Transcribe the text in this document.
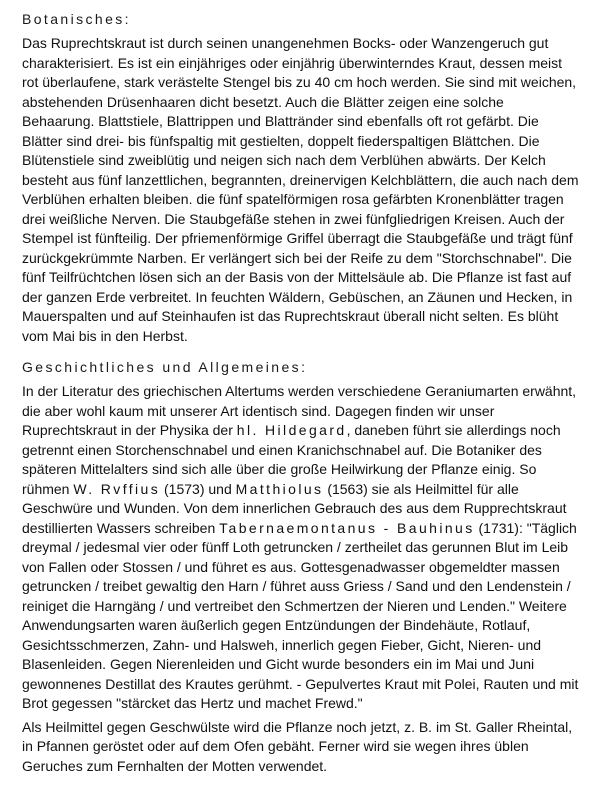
Botanisches:

Das Ruprechtskraut ist durch seinen unangenehmen Bocks- oder Wanzengeruch gut charakterisiert. Es ist ein einjähriges oder einjährig überwinterndes Kraut, dessen meist rot überlaufene, stark verästelte Stengel bis zu 40 cm hoch werden. Sie sind mit weichen, abstehenden Drüsenhaaren dicht besetzt. Auch die Blätter zeigen eine solche Behaarung. Blattstiele, Blattrippen und Blattränder sind ebenfalls oft rot gefärbt. Die Blätter sind drei- bis fünfspaltig mit gestielten, doppelt fiederspaltigen Blättchen. Die Blütenstiele sind zweiblütig und neigen sich nach dem Verblühen abwärts. Der Kelch besteht aus fünf lanzettlichen, begrannten, dreinervigen Kelchblättern, die auch nach dem Verblühen erhalten bleiben. die fünf spatelförmigen rosa gefärbten Kronenblätter tragen drei weißliche Nerven. Die Staubgefäße stehen in zwei fünfgliedrigen Kreisen. Auch der Stempel ist fünfteilig. Der pfriemenförmige Griffel überragt die Staubgefäße und trägt fünf zurückgekrümmte Narben. Er verlängert sich bei der Reife zu dem "Storchschnabel". Die fünf Teilfrüchtchen lösen sich an der Basis von der Mittelsäule ab. Die Pflanze ist fast auf der ganzen Erde verbreitet. In feuchten Wäldern, Gebüschen, an Zäunen und Hecken, in Mauerspalten und auf Steinhaufen ist das Ruprechtskraut überall nicht selten. Es blüht vom Mai bis in den Herbst.

Geschichtliches und Allgemeines:

In der Literatur des griechischen Altertums werden verschiedene Geraniumarten erwähnt, die aber wohl kaum mit unserer Art identisch sind. Dagegen finden wir unser Ruprechtskraut in der Physika der hl. Hildegard, daneben führt sie allerdings noch getrennt einen Storchenschnabel und einen Kranichschnabel auf. Die Botaniker des späteren Mittelalters sind sich alle über die große Heilwirkung der Pflanze einig. So rühmen W. Rvffius (1573) und Matthiolus (1563) sie als Heilmittel für alle Geschwüre und Wunden. Von dem innerlichen Gebrauch des aus dem Rupprechtskraut destillierten Wassers schreiben Tabernaemontanus - Bauhinus (1731): "Täglich dreymal / jedesmal vier oder fünff Loth getruncken / zertheilet das gerunnen Blut im Leib von Fallen oder Stossen / und führet es aus. Gottesgenadwasser obgemeldter massen getruncken / treibet gewaltig den Harn / führet auss Griess / Sand und den Lendenstein / reiniget die Harngäng / und vertreibet den Schmertzen der Nieren und Lenden." Weitere Anwendungsarten waren äußerlich gegen Entzündungen der Bindehäute, Rotlauf, Gesichtsschmerzen, Zahn- und Halsweh, innerlich gegen Fieber, Gicht, Nieren- und Blasenleiden. Gegen Nierenleiden und Gicht wurde besonders ein im Mai und Juni gewonnenes Destillat des Krautes gerühmt. - Gepulvertes Kraut mit Polei, Rauten und mit Brot gegessen "stärcket das Hertz und machet Frewd."

Als Heilmittel gegen Geschwülste wird die Pflanze noch jetzt, z. B. im St. Galler Rheintal, in Pfannen geröstet oder auf dem Ofen gebäht. Ferner wird sie wegen ihres üblen Geruches zum Fernhalten der Motten verwendet.
